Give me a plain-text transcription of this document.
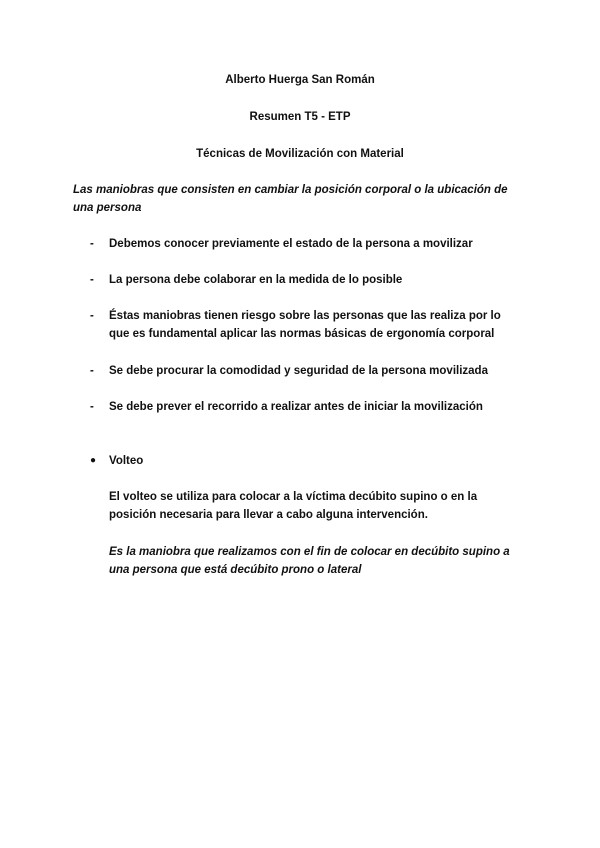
Alberto Huerga San Román
Resumen T5 - ETP
Técnicas de Movilización con Material
Las maniobras que consisten en cambiar la posición corporal o la ubicación de una persona
- Debemos conocer previamente el estado de la persona a movilizar
- La persona debe colaborar en la medida de lo posible
- Éstas maniobras tienen riesgo sobre las personas que las realiza por lo que es fundamental aplicar las normas básicas de ergonomía corporal
- Se debe procurar la comodidad y seguridad de la persona movilizada
- Se debe prever el recorrido a realizar antes de iniciar la movilización
● Volteo
El volteo se utiliza para colocar a la víctima decúbito supino o en la posición necesaria para llevar a cabo alguna intervención.
Es la maniobra que realizamos con el fin de colocar en decúbito supino a una persona que está decúbito prono o lateral
